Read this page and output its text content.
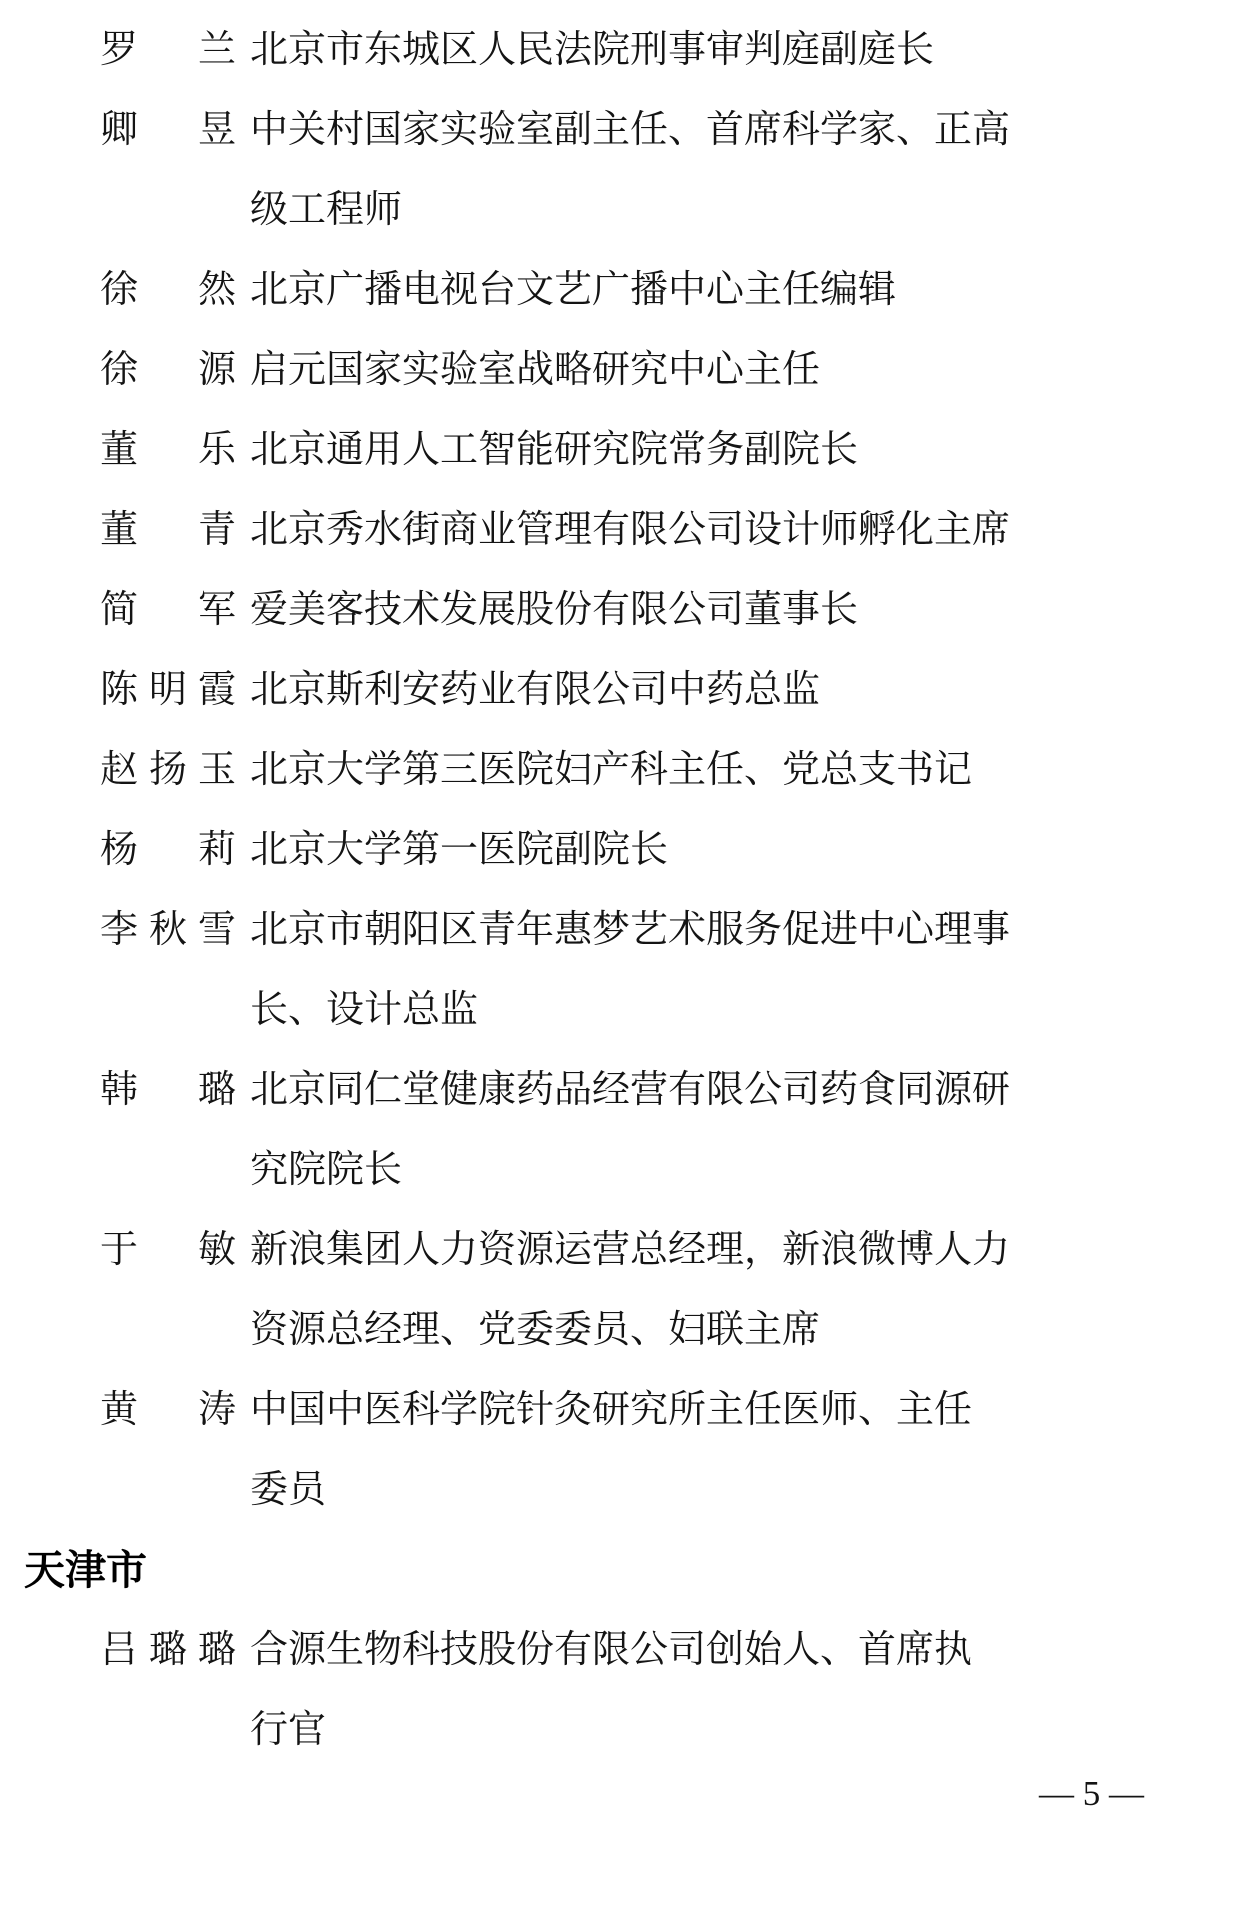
罗 兰 北京市东城区人民法院刑事审判庭副庭长
卿 昱 中关村国家实验室副主任、首席科学家、正高
级工程师
徐 然 北京广播电视台文艺广播中心主任编辑
徐 源 启元国家实验室战略研究中心主任
董 乐 北京通用人工智能研究院常务副院长
董 青 北京秀水街商业管理有限公司设计师孵化主席
简 军 爱美客技术发展股份有限公司董事长
陈 明 霞 北京斯利安药业有限公司中药总监
赵 扬 玉 北京大学第三医院妇产科主任、党总支书记
杨 莉 北京大学第一医院副院长
李 秋 雪 北京市朝阳区青年惠梦艺术服务促进中心理事
长、设计总监
韩 璐 北京同仁堂健康药品经营有限公司药食同源研
究院院长
于 敏 新浪集团人力资源运营总经理，新浪微博人力
资源总经理、党委委员、妇联主席
黄 涛 中国中医科学院针灸研究所主任医师、主任
委员
天津市
吕 璐 璐 合源生物科技股份有限公司创始人、首席执
行官
— 5 —
